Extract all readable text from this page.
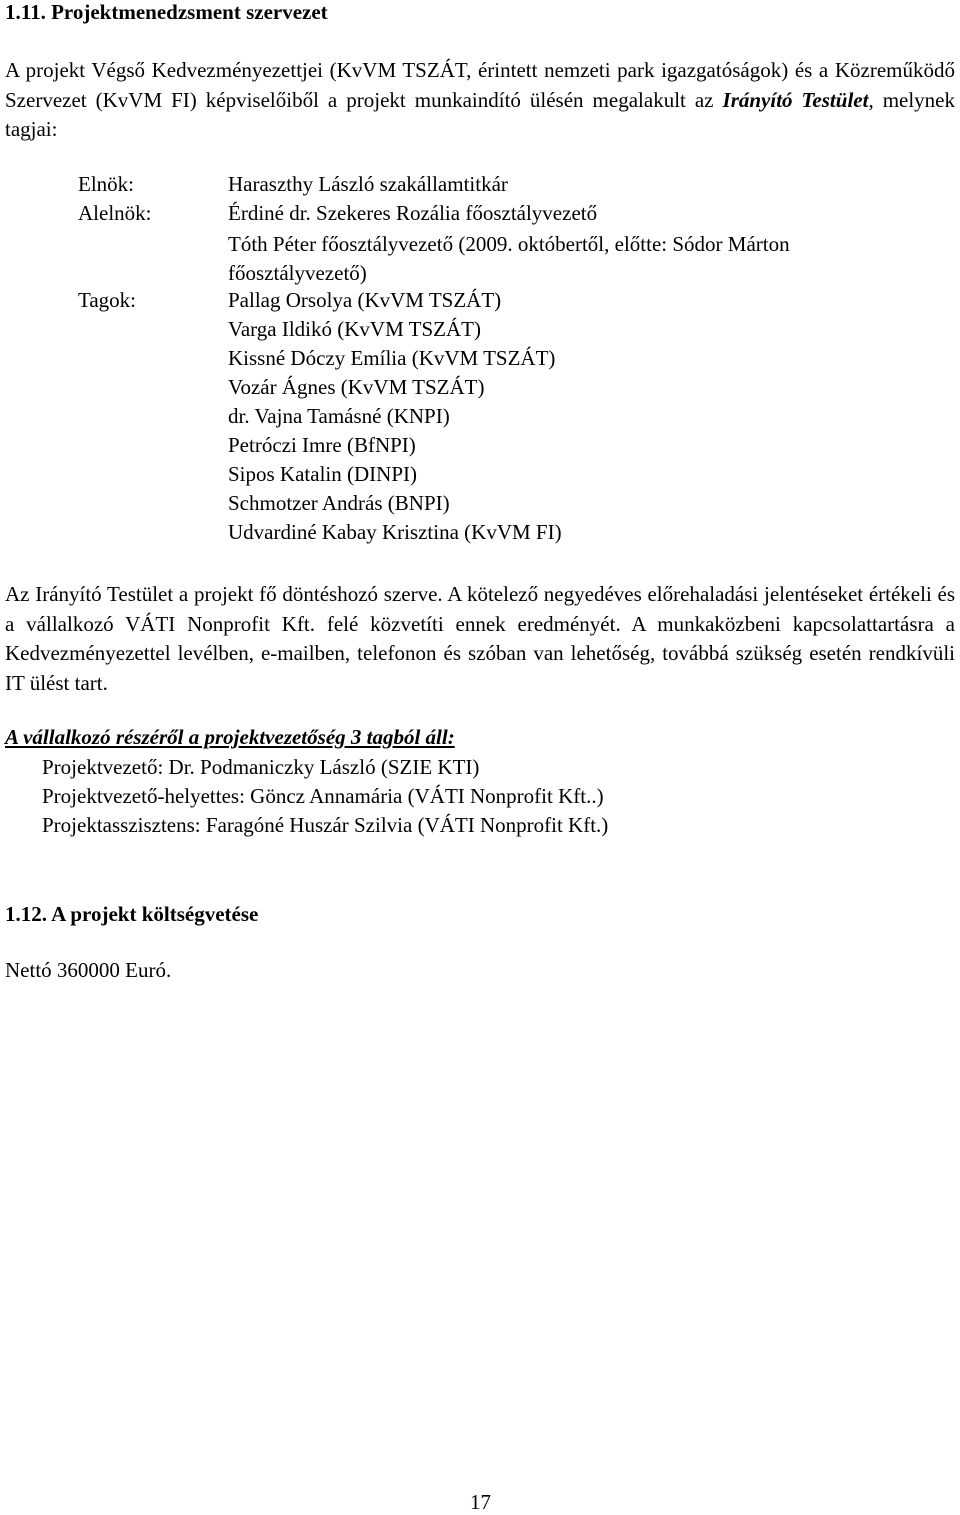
1.11. Projektmenedzsment szervezet

A projekt Végső Kedvezményezettjei (KvVM TSZÁT, érintett nemzeti park igazgatóságok) és a Közreműködő Szervezet (KvVM FI) képviselőiből a projekt munkaindító ülésén megalakult az Irányító Testület, melynek tagjai:

Elnök:	Haraszthy László szakállamtitkár
Alelnök:	Érdiné dr. Szekeres Rozália főosztályvezető
Tóth Péter főosztályvezető (2009. októbertől, előtte: Sódor Márton főosztályvezető)
Tagok:	Pallag Orsolya (KvVM TSZÁT)
Varga Ildikó (KvVM TSZÁT)
Kissné Dóczy Emília (KvVM TSZÁT)
Vozár Ágnes (KvVM TSZÁT)
dr. Vajna Tamásné (KNPI)
Petróczi Imre (BfNPI)
Sipos Katalin (DINPI)
Schmotzer András (BNPI)
Udvardiné Kabay Krisztina (KvVM FI)

Az Irányító Testület a projekt fő döntéshozó szerve. A kötelező negyedéves előrehaladási jelentéseket értékeli és a vállalkozó VÁTI Nonprofit Kft. felé közvetíti ennek eredményét. A munkaközbeni kapcsolattartásra a Kedvezményezettel levélben, e-mailben, telefonon és szóban van lehetőség, továbbá szükség esetén rendkívüli IT ülést tart.

A vállalkozó részéről a projektvezetőség 3 tagból áll:
Projektvezető: Dr. Podmaniczky László (SZIE KTI)
Projektvezető-helyettes: Göncz Annamária (VÁTI Nonprofit Kft..)
Projektasszisztens: Faragóné Huszár Szilvia (VÁTI Nonprofit Kft.)
1.12. A projekt költségvetése
Nettó 360000 Euró.
17
